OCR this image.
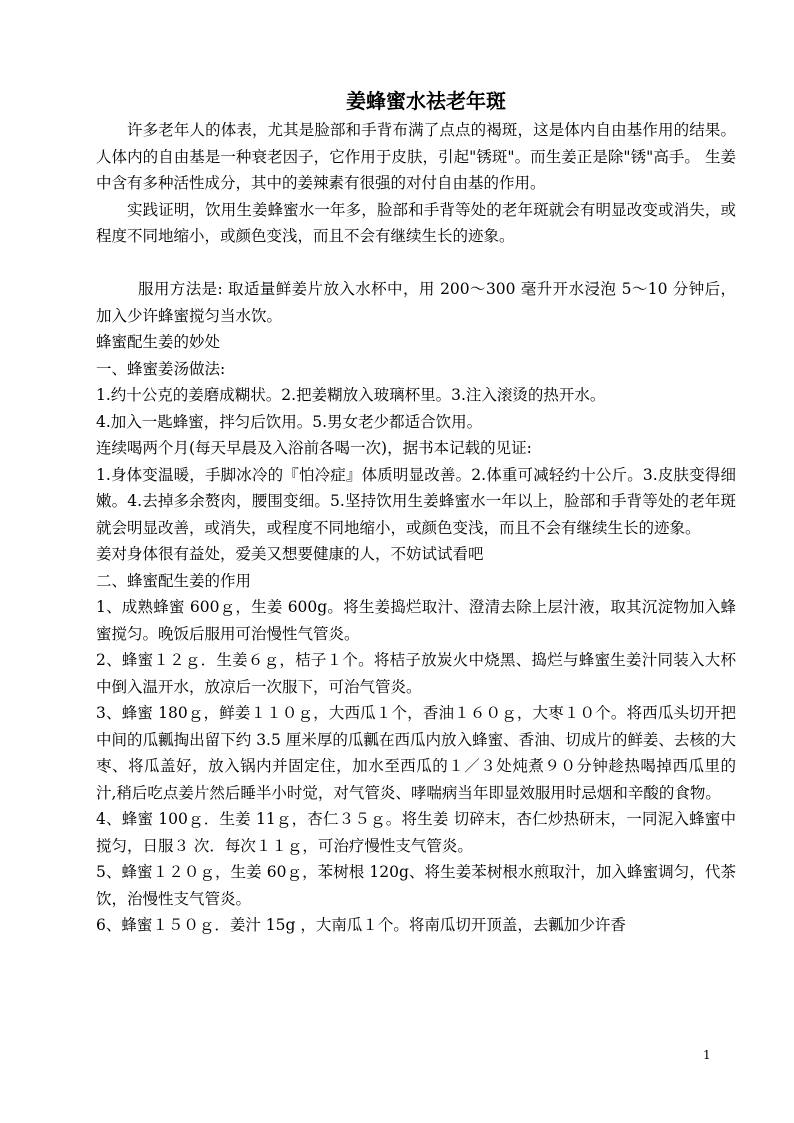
姜蜂蜜水祛老年斑

许多老年人的体表，尤其是脸部和手背布满了点点的褐斑，这是体内自由基作用的结果。人体内的自由基是一种衰老因子，它作用于皮肤，引起"锈斑"。而生姜正是除"锈"高手。 生姜中含有多种活性成分，其中的姜辣素有很强的对付自由基的作用。

实践证明，饮用生姜蜂蜜水一年多，脸部和手背等处的老年斑就会有明显改变或消失，或程度不同地缩小，或颜色变浅，而且不会有继续生长的迹象。

服用方法是: 取适量鲜姜片放入水杯中，用 200～300 毫升开水浸泡 5～10 分钟后，加入少许蜂蜜搅匀当水饮。

蜂蜜配生姜的妙处

一、蜂蜜姜汤做法:

1.约十公克的姜磨成糊状。2.把姜糊放入玻璃杯里。3.注入滚烫的热开水。

4.加入一匙蜂蜜，拌匀后饮用。5.男女老少都适合饮用。

连续喝两个月(每天早晨及入浴前各喝一次)，据书本记载的见证:

1.身体变温暖，手脚冰冷的『怕冷症』体质明显改善。2.体重可减轻约十公斤。3.皮肤变得细嫩。4.去掉多余赘肉，腰围变细。5.坚持饮用生姜蜂蜜水一年以上，脸部和手背等处的老年斑就会明显改善，或消失，或程度不同地缩小，或颜色变浅，而且不会有继续生长的迹象。

姜对身体很有益处，爱美又想要健康的人，不妨试试看吧

二、蜂蜜配生姜的作用

1、成熟蜂蜜 600ｇ，生姜 600g。将生姜捣烂取汁、澄清去除上层汁液，取其沉淀物加入蜂蜜搅匀。晚饭后服用可治慢性气管炎。

2、蜂蜜１２ｇ．生姜６ｇ，桔子１个。将桔子放炭火中烧黑、捣烂与蜂蜜生姜汁同装入大杯中倒入温开水，放凉后一次服下，可治气管炎。

3、蜂蜜 180ｇ，鲜姜１１０ｇ，大西瓜１个，香油１６０ｇ，大枣１０个。将西瓜头切开把中间的瓜瓤掏出留下约 3.5 厘米厚的瓜瓤在西瓜内放入蜂蜜、香油、切成片的鲜姜、去核的大枣、将瓜盖好，放入锅内并固定住，加水至西瓜的１／３处炖煮９０分钟趁热喝掉西瓜里的汁,稍后吃点姜片然后睡半小时觉，对气管炎、哮喘病当年即显效服用时忌烟和辛酸的食物。

4、蜂蜜 100ｇ．生姜 11ｇ，杏仁３５ｇ。将生姜 切碎末，杏仁炒热研末，一同泥入蜂蜜中搅匀，日服３ 次．每次１１ｇ，可治疗慢性支气管炎。

5、蜂蜜１２０ｇ，生姜 60ｇ，苯树根 120g、将生姜苯树根水煎取汁，加入蜂蜜调匀，代茶饮，治慢性支气管炎。

6、蜂蜜１５０ｇ．姜汁 15g ，大南瓜１个。将南瓜切开顶盖，去瓤加少许香

1
